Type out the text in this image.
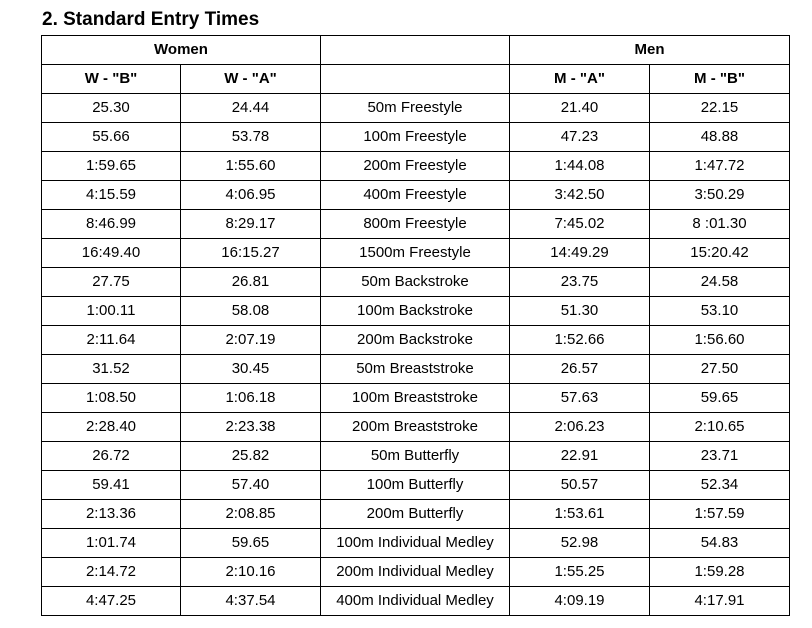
2. Standard Entry Times
Women			Men	
W - "B"	W - "A"		M - "A"	M - "B"
25.30	24.44	50m Freestyle	21.40	22.15
55.66	53.78	100m Freestyle	47.23	48.88
1:59.65	1:55.60	200m Freestyle	1:44.08	1:47.72
4:15.59	4:06.95	400m Freestyle	3:42.50	3:50.29
8:46.99	8:29.17	800m Freestyle	7:45.02	8 :01.30
16:49.40	16:15.27	1500m Freestyle	14:49.29	15:20.42
27.75	26.81	50m Backstroke	23.75	24.58
1:00.11	58.08	100m Backstroke	51.30	53.10
2:11.64	2:07.19	200m Backstroke	1:52.66	1:56.60
31.52	30.45	50m Breaststroke	26.57	27.50
1:08.50	1:06.18	100m Breaststroke	57.63	59.65
2:28.40	2:23.38	200m Breaststroke	2:06.23	2:10.65
26.72	25.82	50m Butterfly	22.91	23.71
59.41	57.40	100m Butterfly	50.57	52.34
2:13.36	2:08.85	200m Butterfly	1:53.61	1:57.59
1:01.74	59.65	100m Individual Medley	52.98	54.83
2:14.72	2:10.16	200m Individual Medley	1:55.25	1:59.28
4:47.25	4:37.54	400m Individual Medley	4:09.19	4:17.91
